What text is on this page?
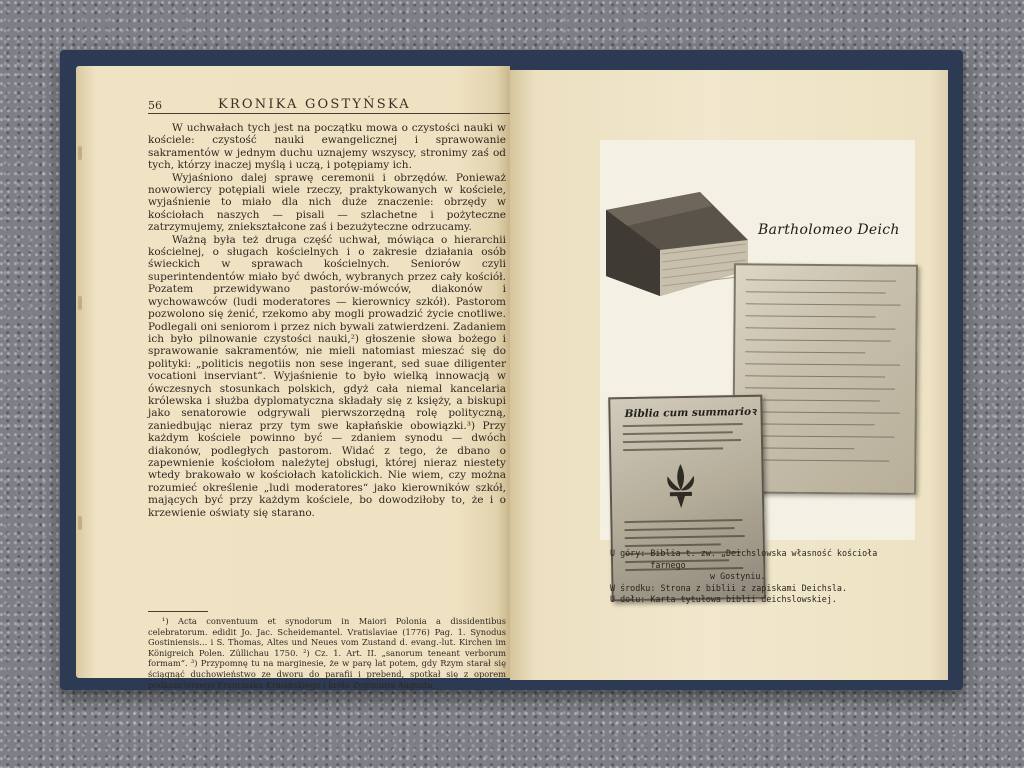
56	KRONIKA GOSTYŃSKA

W uchwałach tych jest na początku mowa o czystości nauki w kościele: czystość nauki ewangelicznej i sprawowanie sakramentów w jednym duchu uznajemy wszyscy, stronimy zaś od tych, którzy inaczej myślą i uczą, i potępiamy ich.

Wyjaśniono dalej sprawę ceremonii i obrzędów. Ponieważ nowowiercy potępiali wiele rzeczy, praktykowanych w kościele, wyjaśnienie to miało dla nich duże znaczenie: obrzędy w kościołach naszych — pisali — szlachetne i pożyteczne zatrzymujemy, zniekształcone zaś i bezużyteczne odrzucamy.

Ważną była też druga część uchwał, mówiąca o hierarchii kościelnej, o sługach kościelnych i o zakresie działania osób świeckich w sprawach kościelnych. Seniorów czyli superintendentów miało być dwóch, wybranych przez cały kościół. Pozatem przewidywano pastorów-mówców, diakonów i wychowawców (ludi moderatores — kierownicy szkół). Pastorom pozwolono się żenić, rzekomo aby mogli prowadzić życie cnotliwe. Podlegali oni seniorom i przez nich bywali zatwierdzeni. Zadaniem ich było pilnowanie czystości nauki,²) głoszenie słowa bożego i sprawowanie sakramentów, nie mieli natomiast mieszać się do polityki: „politicis negotiis non sese ingerant, sed suae diligenter vocationi inserviant“. Wyjaśnienie to było wielką innowacją w ówczesnych stosunkach polskich, gdyż cała niemal kancelaria królewska i służba dyplomatyczna składały się z księży, a biskupi jako senatorowie odgrywali pierwszorzędną rolę polityczną, zaniedbując nieraz przy tym swe kapłańskie obowiązki.³) Przy każdym kościele powinno być — zdaniem synodu — dwóch diakonów, podległych pastorom. Widać z tego, że dbano o zapewnienie kościołom należytej obsługi, której nieraz niestety wtedy brakowało w kościołach katolickich. Nie wiem, czy można rozumieć określenie „ludi moderatores“ jako kierowników szkół, mających być przy każdym kościele, bo dowodziłoby to, że i o krzewienie oświaty się starano.

¹) Acta conventuum et synodorum in Maiori Polonia a dissidentibus celebratorum. edidit Jo. Jac. Scheidemantel. Vratislaviae (1776) Pag. 1. Synodus Gostiniensis... i S. Thomas, Altes und Neues vom Zustand d. evang.-lut. Kirchen im Königreich Polen. Züllichau 1750. ²) Cz. 1. Art. II. „sanorum teneant verborum formam“. ³) Przypomnę tu na marginesie, że w parę lat potem, gdy Rzym starał się ściągnąć duchowieństwo ze dworu do parafii i prebend, spotkał się z oporem podkanclerzego Franciszka Krasińskiego i króla Zygmunta Augusta,

Bartholomeo Deich
Biblia cum summarioꝛ
U góry:
Biblia t. zw. „Deichslowska własność kościoła farnego
w Gostyniu.
W środku:
Strona z biblii z zapiskami Deichsla.
U dołu:
Karta tytułowa biblii deichslowskiej.
